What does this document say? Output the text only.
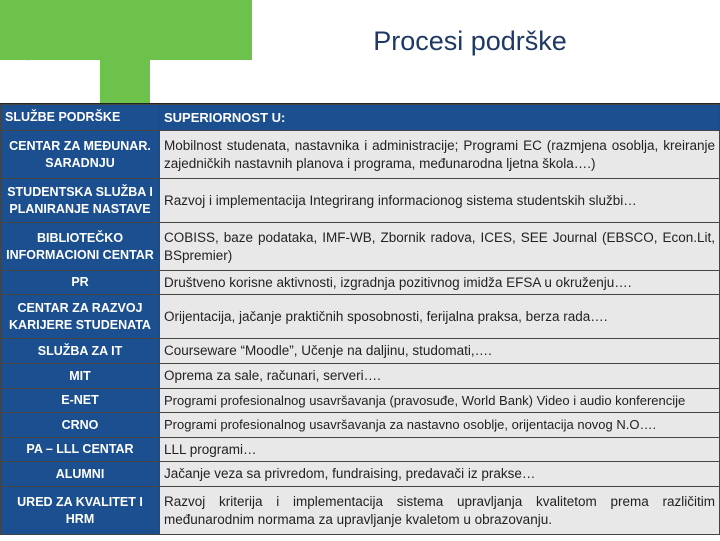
Procesi podrške
SLUŽBE PODRŠKE	SUPERIORNOST U:
CENTAR ZA MEĐUNAR. SARADNJU	Mobilnost studenata, nastavnika i administracije; Programi EC (razmjena osoblja, kreiranje zajedničkih nastavnih planova i programa, međunarodna ljetna škola….)
STUDENTSKA SLUŽBA I PLANIRANJE NASTAVE	Razvoj i implementacija Integrirang informacionog sistema studentskih službi…
BIBLIOTEČKO INFORMACIONI CENTAR	COBISS, baze podataka, IMF-WB, Zbornik radova, ICES, SEE Journal (EBSCO, Econ.Lit, BSpremier)
PR	Društveno korisne aktivnosti, izgradnja pozitivnog imidža EFSA u okruženju….
CENTAR ZA RAZVOJ KARIJERE STUDENATA	Orijentacija, jačanje praktičnih sposobnosti, ferijalna praksa, berza rada….
SLUŽBA ZA IT	Courseware “Moodle”, Učenje na daljinu, studomati,….
MIT	Oprema za sale, računari, serveri….
E-NET	Programi profesionalnog usavršavanja (pravosuđe, World Bank) Video i audio konferencije
CRNO	Programi profesionalnog usavršavanja za nastavno osoblje, orijentacija novog N.O….
PA – LLL CENTAR	LLL programi…
ALUMNI	Jačanje veza sa privredom, fundraising, predavači iz prakse…
URED ZA KVALITET I HRM	Razvoj kriterija i implementacija sistema upravljanja kvalitetom prema različitim međunarodnim normama za upravljanje kvaletom u obrazovanju.
